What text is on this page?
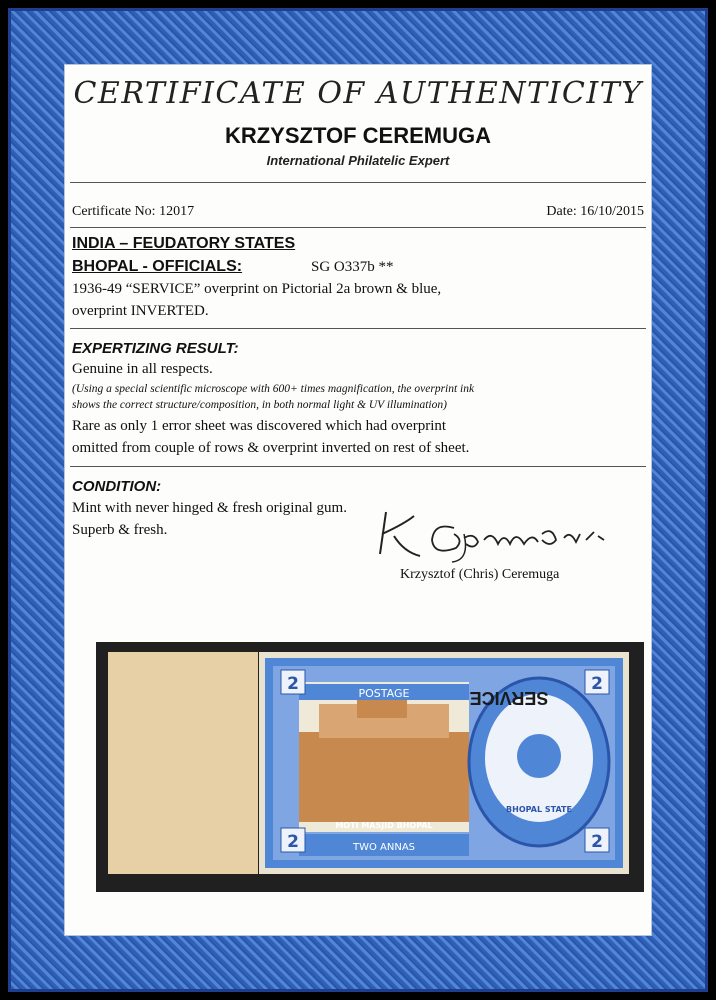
CERTIFICATE OF AUTHENTICITY
KRZYSZTOF CEREMUGA
International Philatelic Expert
Certificate No: 12017	Date: 16/10/2015
INDIA – FEUDATORY STATES
BHOPAL - OFFICIALS:	SG O337b **
1936-49 “SERVICE” overprint on Pictorial 2a brown & blue,
overprint INVERTED.
EXPERTIZING RESULT:
Genuine in all respects.
(Using a special scientific microscope with 600+ times magnification, the overprint ink
shows the correct structure/composition, in both normal light & UV illumination)
Rare as only 1 error sheet was discovered which had overprint
omitted from couple of rows & overprint inverted on rest of sheet.
CONDITION:
Mint with never hinged & fresh original gum.
Superb & fresh.
Krzysztof (Chris) Ceremuga
2	2
2	2
POSTAGE
MOTI MASJID BHOPAL
TWO ANNAS
BHOPAL STATE
SERVICE
